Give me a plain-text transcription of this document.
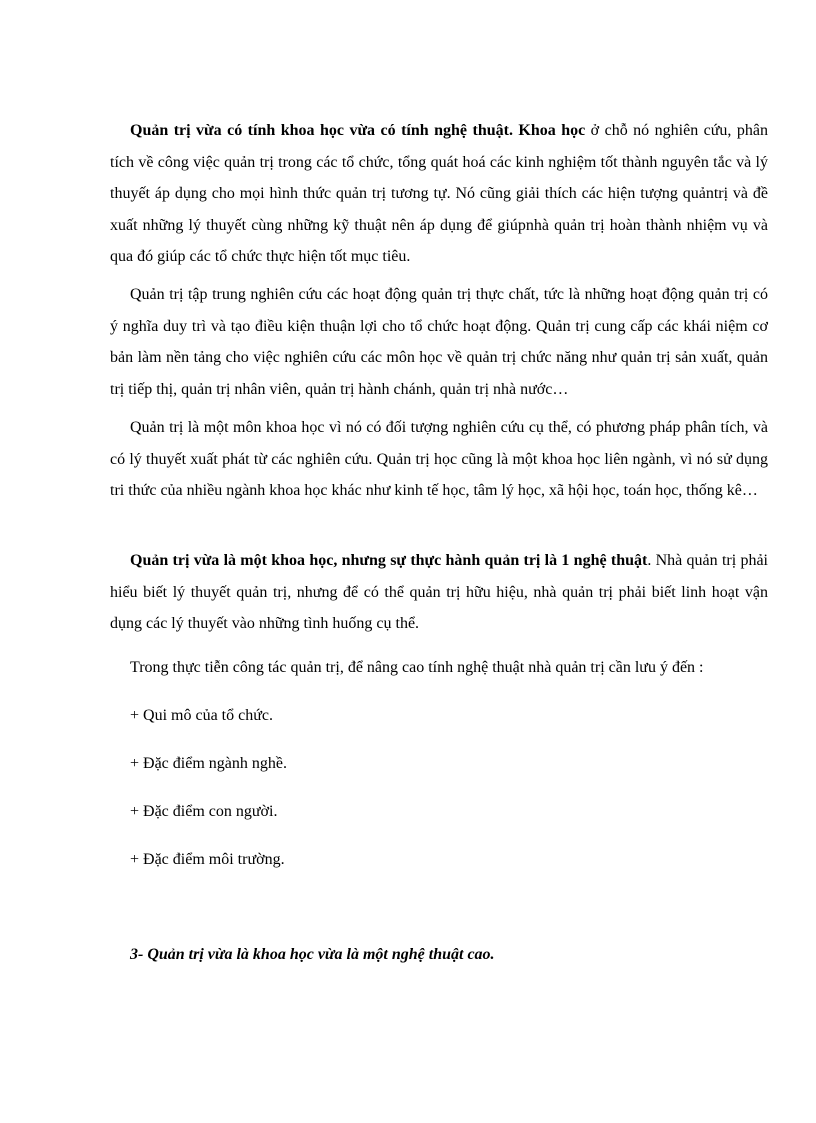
Quản trị vừa có tính khoa học vừa có tính nghệ thuật. Khoa học ở chỗ nó nghiên cứu, phân tích về công việc quản trị trong các tổ chức, tổng quát hoá các kinh nghiệm tốt thành nguyên tắc và lý thuyết áp dụng cho mọi hình thức quản trị tương tự. Nó cũng giải thích các hiện tượng quảntrị và đề xuất những lý thuyết cùng những kỹ thuật nên áp dụng để giúpnhà quản trị hoàn thành nhiệm vụ và qua đó giúp các tổ chức thực hiện tốt mục tiêu.

Quản trị tập trung nghiên cứu các hoạt động quản trị thực chất, tức là những hoạt động quản trị có ý nghĩa duy trì và tạo điều kiện thuận lợi cho tổ chức hoạt động. Quản trị cung cấp các khái niệm cơ bản làm nền tảng cho việc nghiên cứu các môn học về quản trị chức năng như quản trị sản xuất, quản trị tiếp thị, quản trị nhân viên, quản trị hành chánh, quản trị nhà nước…

Quản trị là một môn khoa học vì nó có đối tượng nghiên cứu cụ thể, có phương pháp phân tích, và có lý thuyết xuất phát từ các nghiên cứu. Quản trị học cũng là một khoa học liên ngành, vì nó sử dụng tri thức của nhiều ngành khoa học khác như kinh tế học, tâm lý học, xã hội học, toán học, thống kê…

Quản trị vừa là một khoa học, nhưng sự thực hành quản trị là 1 nghệ thuật. Nhà quản trị phải hiểu biết lý thuyết quản trị, nhưng để có thể quản trị hữu hiệu, nhà quản trị phải biết linh hoạt vận dụng các lý thuyết vào những tình huống cụ thể.

Trong thực tiễn công tác quản trị, để nâng cao tính nghệ thuật nhà quản trị cần lưu ý đến :

+ Qui mô của tổ chức.

+ Đặc điểm ngành nghề.

+ Đặc điểm con người.

+ Đặc điểm môi trường.

3- Quản trị vừa là khoa học vừa là một nghệ thuật cao.
